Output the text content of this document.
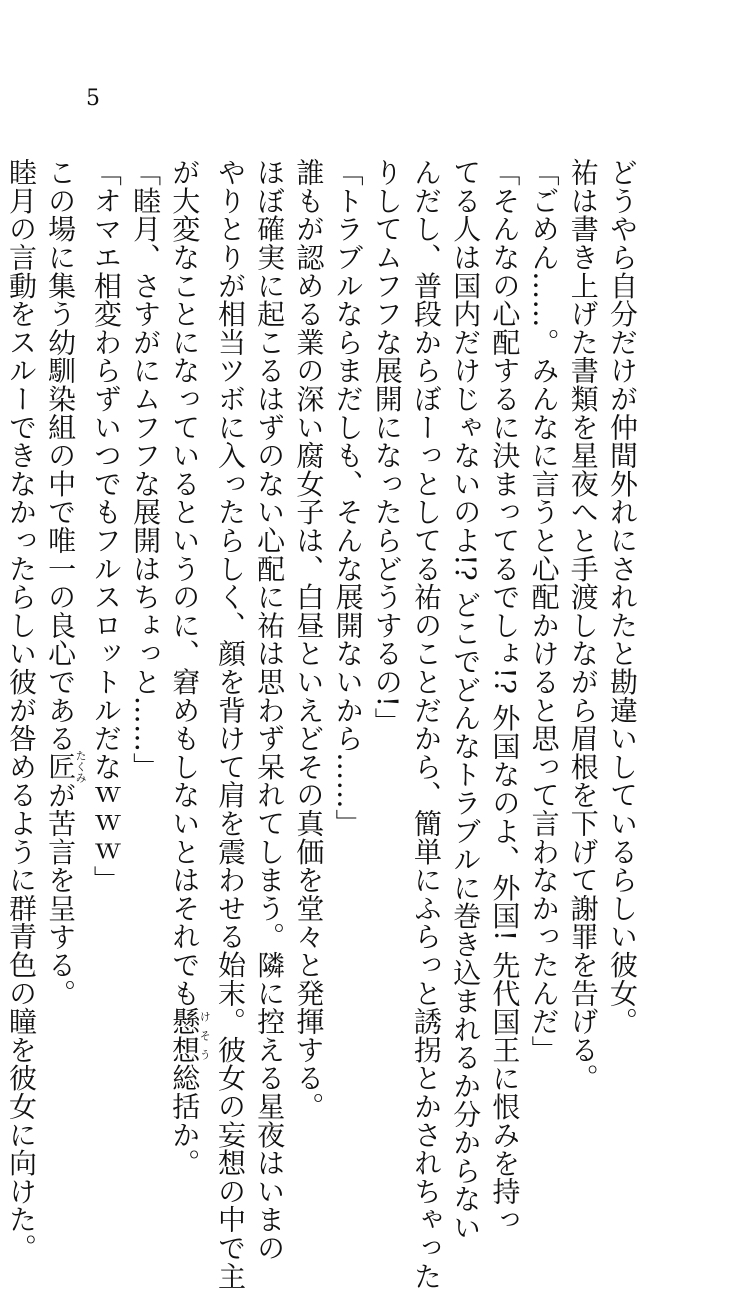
5

どうやら自分だけが仲間外れにされたと勘違いしているらしい彼女。

祐は書き上げた書類を星夜へと手渡しながら眉根を下げて謝罪を告げる。

「ごめん……。みんなに言うと心配かけると思って言わなかったんだ」

「そんなの心配するに決まってるでしょ!? 外国なのよ、外国! 先代国王に恨みを持っ

てる人は国内だけじゃないのよ!? どこでどんなトラブルに巻き込まれるか分からない

んだし、普段からぼーっとしてる祐のことだから、簡単にふらっと誘拐とかされちゃった

りしてムフフな展開になったらどうするの!」

「トラブルならまだしも、そんな展開ないから……」

誰もが認める業の深い腐女子は、白昼といえどその真価を堂々と発揮する。

ほぼ確実に起こるはずのない心配に祐は思わず呆れてしまう。隣に控える星夜はいまの

やりとりが相当ツボに入ったらしく、顔を背けて肩を震わせる始末。彼女の妄想の中で主

が大変なことになっているというのに、窘めもしないとはそれでも懸想けそう総括か。

「睦月、さすがにムフフな展開はちょっと……」

「オマエ相変わらずいつでもフルスロットルだなｗｗｗ」

この場に集う幼馴染組の中で唯一の良心である匠たくみが苦言を呈する。

睦月の言動をスルーできなかったらしい彼が咎めるように群青色の瞳を彼女に向けた。
